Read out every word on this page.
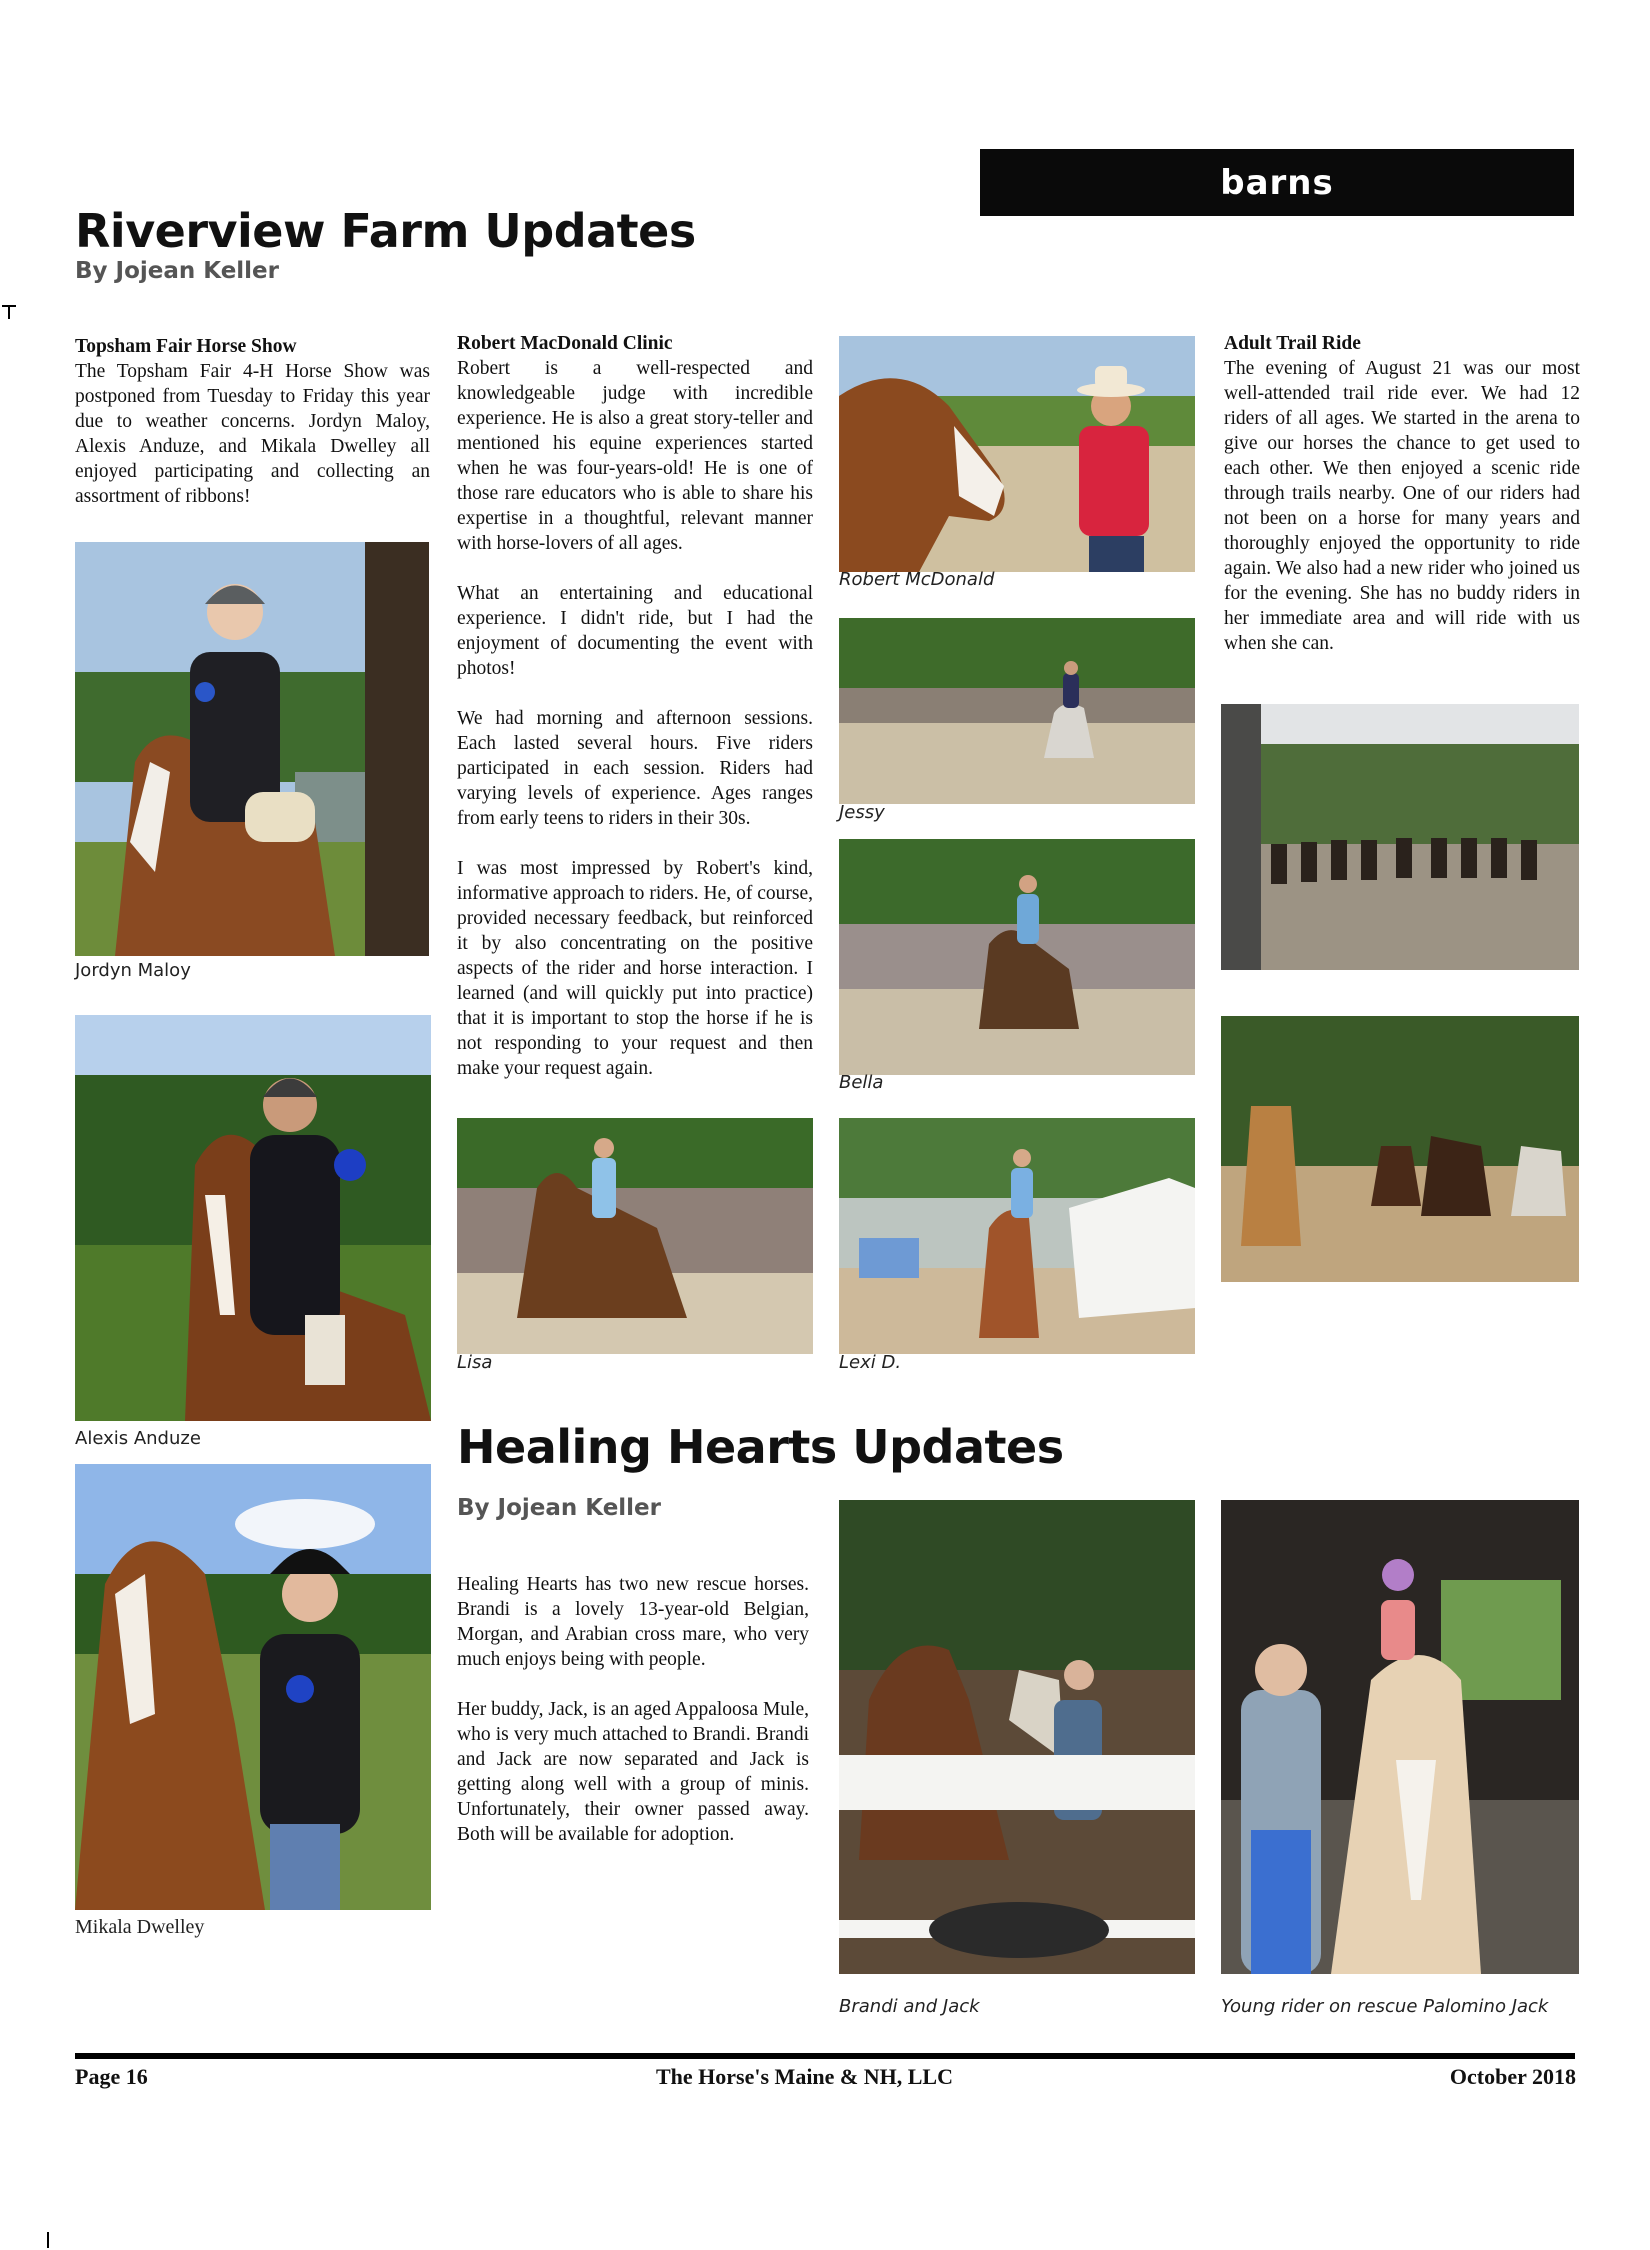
barns
Riverview Farm Updates
By Jojean Keller
Topsham Fair Horse Show

The Topsham Fair 4-H Horse Show was postponed from Tuesday to Friday this year due to weather concerns. Jordyn Maloy, Alexis Anduze, and Mikala Dwelley all enjoyed participating and collecting an assortment of ribbons!

Robert MacDonald Clinic

Robert is a well-respected and knowledgeable judge with incredible experience. He is also a great story-teller and mentioned his equine experiences started when he was four-years-old! He is one of those rare educators who is able to share his expertise in a thoughtful, relevant manner with horse-lovers of all ages.

What an entertaining and educational experience. I didn't ride, but I had the enjoyment of documenting the event with photos!

We had morning and afternoon sessions. Each lasted several hours. Five riders participated in each session. Riders had varying levels of experience. Ages ranges from early teens to riders in their 30s.

I was most impressed by Robert's kind, informative approach to riders. He, of course, provided necessary feedback, but reinforced it by also concentrating on the positive aspects of the rider and horse interaction. I learned (and will quickly put into practice) that it is important to stop the horse if he is not responding to your request and then make your request again.

Adult Trail Ride

The evening of August 21 was our most well-attended trail ride ever. We had 12 riders of all ages. We started in the arena to give our horses the chance to get used to each other. We then enjoyed a scenic ride through trails nearby. One of our riders had not been on a horse for many years and thoroughly enjoyed the opportunity to ride again. We also had a new rider who joined us for the evening. She has no buddy riders in her immediate area and will ride with us when she can.

Jordyn Maloy
Alexis Anduze
Mikala Dwelley
Robert McDonald
Jessy
Bella
Lisa	Lexi D.
Healing Hearts Updates
By Jojean Keller

Healing Hearts has two new rescue horses. Brandi is a lovely 13-year-old Belgian, Morgan, and Arabian cross mare, who very much enjoys being with people.

Her buddy, Jack, is an aged Appaloosa Mule, who is very much attached to Brandi. Brandi and Jack are now separated and Jack is getting along well with a group of minis. Unfortunately, their owner passed away. Both will be available for adoption.

Brandi and Jack	Young rider on rescue Palomino Jack
Page 16	The Horse's Maine & NH, LLC	October 2018
